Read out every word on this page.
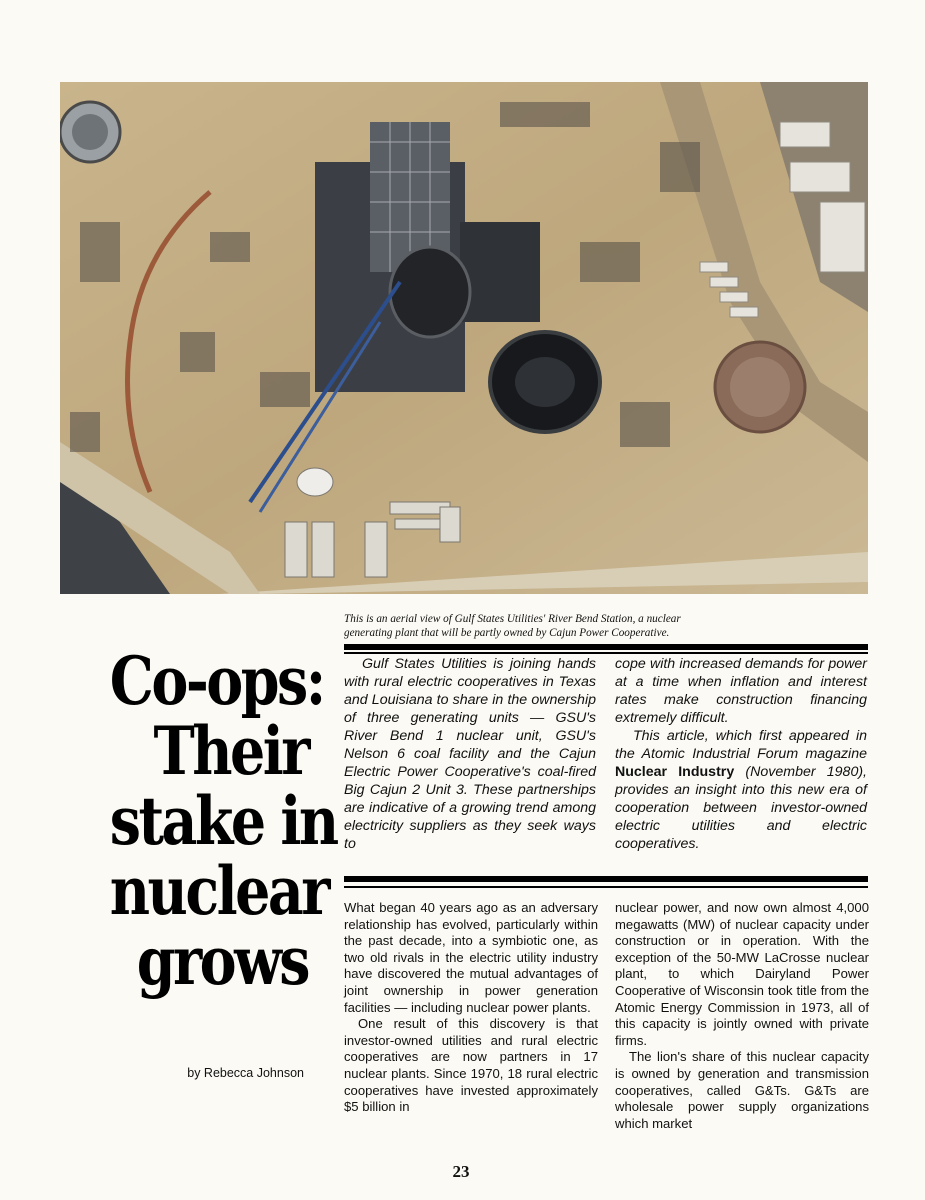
This is an aerial view of Gulf States Utilities' River Bend Station, a nuclear
generating plant that will be partly owned by Cajun Power Cooperative.
Co-ops:
Their
stake in
nuclear
grows
by Rebecca Johnson

Gulf States Utilities is joining hands with rural electric cooperatives in Texas and Louisiana to share in the ownership of three generating units — GSU's River Bend 1 nuclear unit, GSU's Nelson 6 coal facility and the Cajun Electric Power Cooperative's coal-fired Big Cajun 2 Unit 3. These partnerships are indicative of a growing trend among electricity suppliers as they seek ways to

cope with increased demands for power at a time when inflation and interest rates make construction financing extremely difficult.

This article, which first appeared in the Atomic Industrial Forum magazine Nuclear Industry (November 1980), provides an insight into this new era of cooperation between investor-owned electric utilities and electric cooperatives.

What began 40 years ago as an adversary relationship has evolved, particularly within the past decade, into a symbiotic one, as two old rivals in the electric utility industry have discovered the mutual advantages of joint ownership in power generation facilities — including nuclear power plants.

One result of this discovery is that investor-owned utilities and rural electric cooperatives are now partners in 17 nuclear plants. Since 1970, 18 rural electric cooperatives have invested approximately $5 billion in

nuclear power, and now own almost 4,000 megawatts (MW) of nuclear capacity under construction or in operation. With the exception of the 50-MW LaCrosse nuclear plant, to which Dairyland Power Cooperative of Wisconsin took title from the Atomic Energy Commission in 1973, all of this capacity is jointly owned with private firms.

The lion's share of this nuclear capacity is owned by generation and transmission cooperatives, called G&Ts. G&Ts are wholesale power supply organizations which market

23
